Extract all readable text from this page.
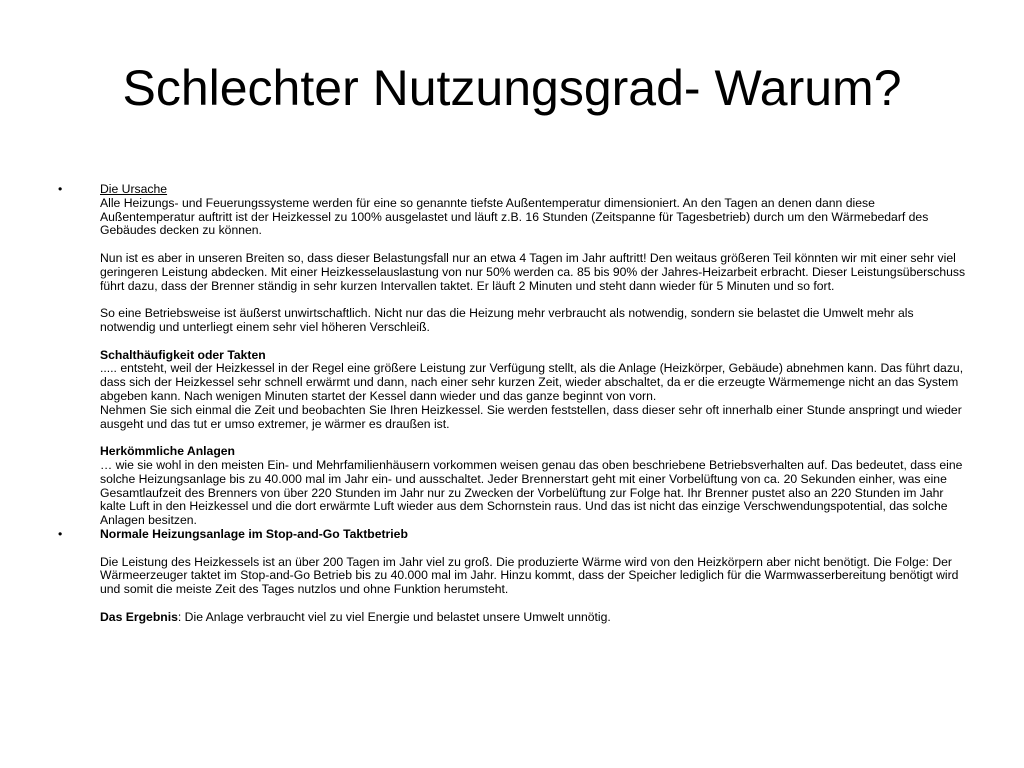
Schlechter Nutzungsgrad- Warum?
•	Die Ursache

Alle Heizungs- und Feuerungssysteme werden für eine so genannte tiefste Außentemperatur dimensioniert. An den Tagen an denen dann diese Außentemperatur auftritt ist der Heizkessel zu 100% ausgelastet und läuft z.B. 16 Stunden (Zeitspanne für Tagesbetrieb) durch um den Wärmebedarf des Gebäudes decken zu können.

Nun ist es aber in unseren Breiten so, dass dieser Belastungsfall nur an etwa 4 Tagen im Jahr auftritt! Den weitaus größeren Teil könnten wir mit einer sehr viel geringeren Leistung abdecken. Mit einer Heizkesselauslastung von nur 50% werden ca. 85 bis 90% der Jahres-Heizarbeit erbracht. Dieser Leistungsüberschuss führt dazu, dass der Brenner ständig in sehr kurzen Intervallen taktet. Er läuft 2 Minuten und steht dann wieder für 5 Minuten und so fort.

So eine Betriebsweise ist äußerst unwirtschaftlich. Nicht nur das die Heizung mehr verbraucht als notwendig, sondern sie belastet die Umwelt mehr als notwendig und unterliegt einem sehr viel höheren Verschleiß.

Schalthäufigkeit oder Takten

..... entsteht, weil der Heizkessel in der Regel eine größere Leistung zur Verfügung stellt, als die Anlage (Heizkörper, Gebäude) abnehmen kann. Das führt dazu, dass sich der Heizkessel sehr schnell erwärmt und dann, nach einer sehr kurzen Zeit, wieder abschaltet, da er die erzeugte Wärmemenge nicht an das System abgeben kann. Nach wenigen Minuten startet der Kessel dann wieder und das ganze beginnt von vorn.

Nehmen Sie sich einmal die Zeit und beobachten Sie Ihren Heizkessel. Sie werden feststellen, dass dieser sehr oft innerhalb einer Stunde anspringt und wieder ausgeht und das tut er umso extremer, je wärmer es draußen ist.

Herkömmliche Anlagen

… wie sie wohl in den meisten Ein- und Mehrfamilienhäusern vorkommen weisen genau das oben beschriebene Betriebsverhalten auf. Das bedeutet, dass eine solche Heizungsanlage bis zu 40.000 mal im Jahr ein- und ausschaltet. Jeder Brennerstart geht mit einer Vorbelüftung von ca. 20 Sekunden einher, was eine Gesamtlaufzeit des Brenners von über 220 Stunden im Jahr nur zu Zwecken der Vorbelüftung zur Folge hat. Ihr Brenner pustet also an 220 Stunden im Jahr kalte Luft in den Heizkessel und die dort erwärmte Luft wieder aus dem Schornstein raus. Und das ist nicht das einzige Verschwendungspotential, das solche Anlagen besitzen.

•	Normale Heizungsanlage im Stop-and-Go Taktbetrieb

Die Leistung des Heizkessels ist an über 200 Tagen im Jahr viel zu groß. Die produzierte Wärme wird von den Heizkörpern aber nicht benötigt. Die Folge: Der Wärmeerzeuger taktet im Stop-and-Go Betrieb bis zu 40.000 mal im Jahr. Hinzu kommt, dass der Speicher lediglich für die Warmwasserbereitung benötigt wird und somit die meiste Zeit des Tages nutzlos und ohne Funktion herumsteht.

Das Ergebnis: Die Anlage verbraucht viel zu viel Energie und belastet unsere Umwelt unnötig.
